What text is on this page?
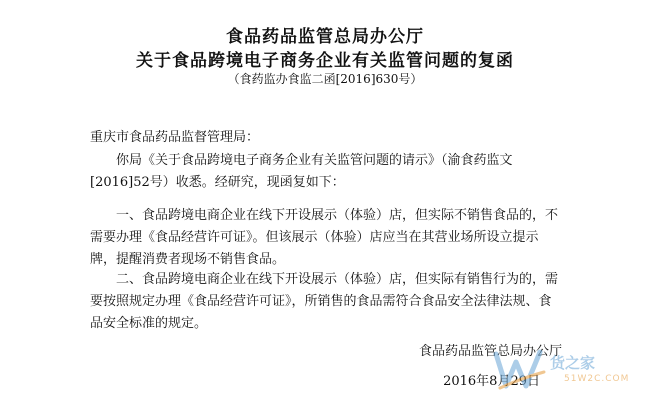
食品药品监管总局办公厅
关于食品跨境电子商务企业有关监管问题的复函
（食药监办食监二函[2016]630号）
重庆市食品药品监督管理局：
你局《关于食品跨境电子商务企业有关监管问题的请示》（渝食药监文[2016]52号）收悉。经研究，现函复如下：
一、食品跨境电商企业在线下开设展示（体验）店，但实际不销售食品的，不需要办理《食品经营许可证》。但该展示（体验）店应当在其营业场所设立提示牌，提醒消费者现场不销售食品。
二、食品跨境电商企业在线下开设展示（体验）店，但实际有销售行为的，需要按照规定办理《食品经营许可证》，所销售的食品需符合食品安全法律法规、食品安全标准的规定。
食品药品监管总局办公厅
2016年8月29日
货之家
51W2C.COM
